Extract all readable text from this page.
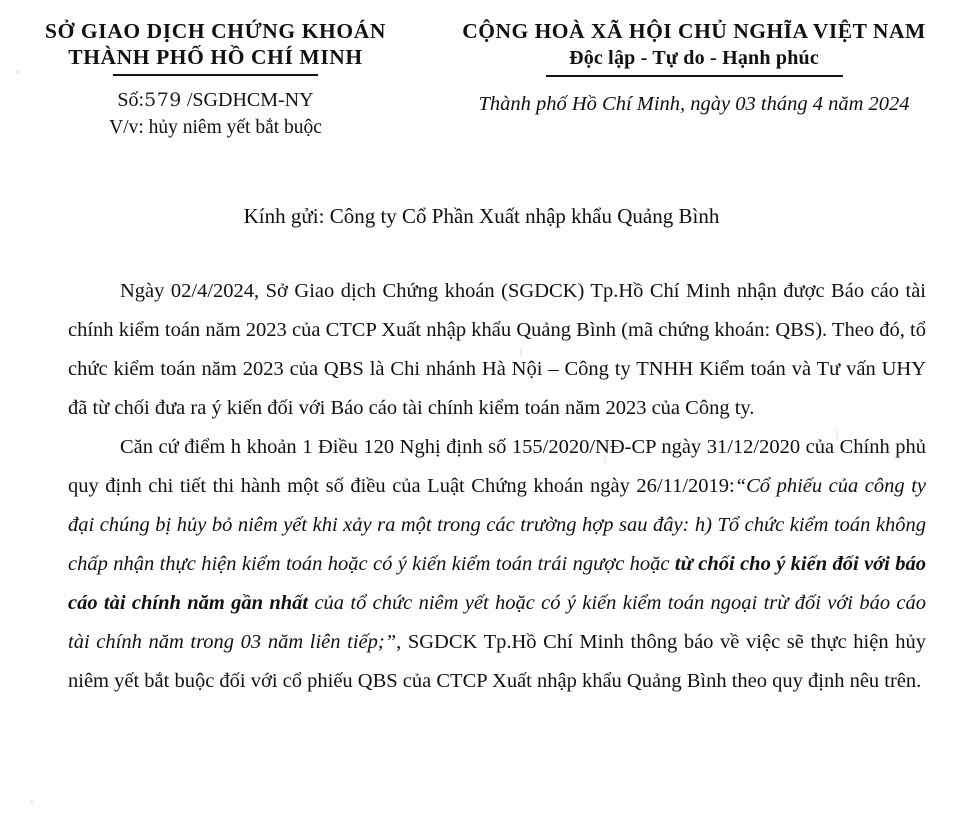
SỞ GIAO DỊCH CHỨNG KHOÁN
THÀNH PHỐ HỒ CHÍ MINH
Số:579 /SGDHCM-NY
V/v: hủy niêm yết bắt buộc
CỘNG HOÀ XÃ HỘI CHỦ NGHĨA VIỆT NAM
Độc lập - Tự do - Hạnh phúc
Thành phố Hồ Chí Minh, ngày 03 tháng 4 năm 2024
Kính gửi: Công ty Cổ Phần Xuất nhập khẩu Quảng Bình

Ngày 02/4/2024, Sở Giao dịch Chứng khoán (SGDCK) Tp.Hồ Chí Minh nhận được Báo cáo tài chính kiểm toán năm 2023 của CTCP Xuất nhập khẩu Quảng Bình (mã chứng khoán: QBS). Theo đó, tổ chức kiểm toán năm 2023 của QBS là Chi nhánh Hà Nội – Công ty TNHH Kiểm toán và Tư vấn UHY đã từ chối đưa ra ý kiến đối với Báo cáo tài chính kiểm toán năm 2023 của Công ty.

Căn cứ điểm h khoản 1 Điều 120 Nghị định số 155/2020/NĐ-CP ngày 31/12/2020 của Chính phủ quy định chi tiết thi hành một số điều của Luật Chứng khoán ngày 26/11/2019:“Cổ phiếu của công ty đại chúng bị hủy bỏ niêm yết khi xảy ra một trong các trường hợp sau đây: h) Tổ chức kiểm toán không chấp nhận thực hiện kiểm toán hoặc có ý kiến kiểm toán trái ngược hoặc từ chối cho ý kiến đối với báo cáo tài chính năm gần nhất của tổ chức niêm yết hoặc có ý kiến kiểm toán ngoại trừ đối với báo cáo tài chính năm trong 03 năm liên tiếp;”, SGDCK Tp.Hồ Chí Minh thông báo về việc sẽ thực hiện hủy niêm yết bắt buộc đối với cổ phiếu QBS của CTCP Xuất nhập khẩu Quảng Bình theo quy định nêu trên.
